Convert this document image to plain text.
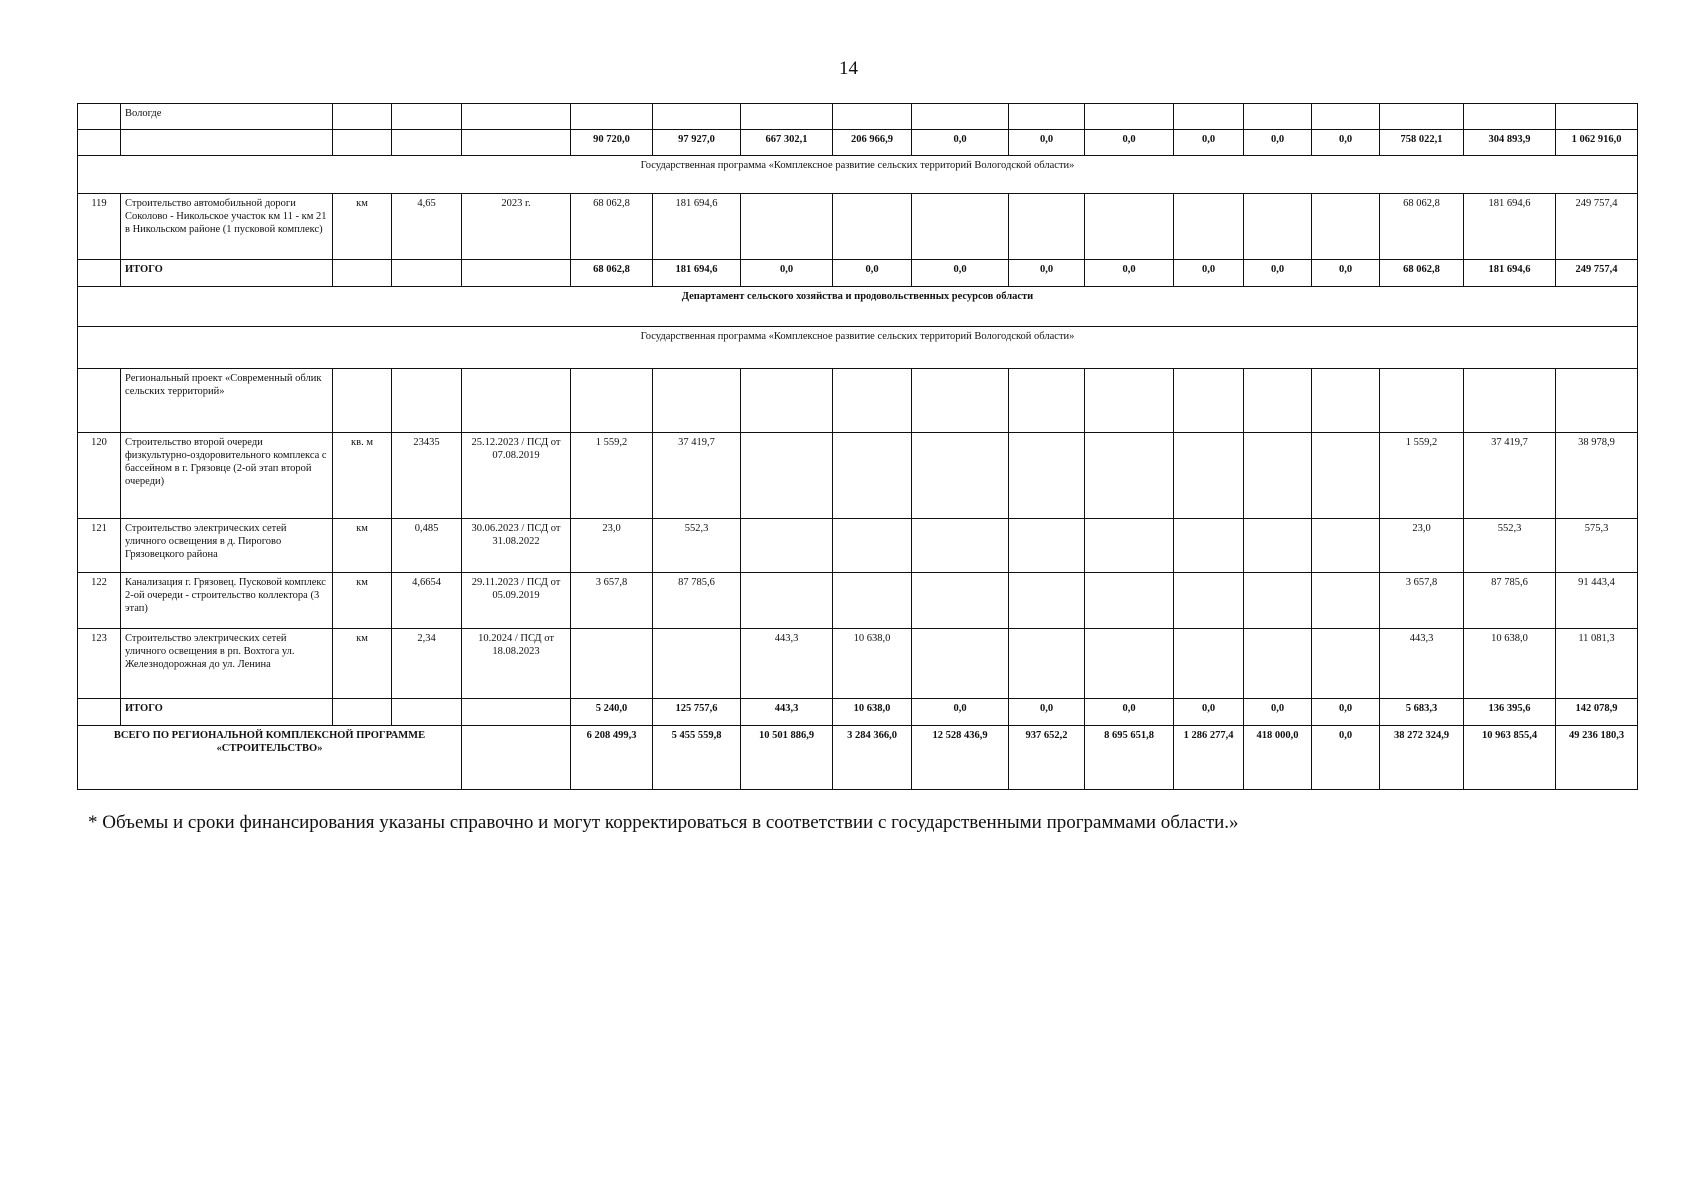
14
	Вологде																
					90 720,0	97 927,0	667 302,1	206 966,9	0,0	0,0	0,0	0,0	0,0	0,0	758 022,1	304 893,9	1 062 916,0
Государственная программа «Комплексное развитие сельских территорий Вологодской области»																	
119	Строительство автомобильной дороги Соколово - Никольское участок км 11 - км 21 в Никольском районе (1 пусковой комплекс)	км	4,65	2023 г.	68 062,8	181 694,6									68 062,8	181 694,6	249 757,4
	ИТОГО				68 062,8	181 694,6	0,0	0,0	0,0	0,0	0,0	0,0	0,0	0,0	68 062,8	181 694,6	249 757,4
Департамент сельского хозяйства и продовольственных ресурсов области																	
Государственная программа «Комплексное развитие сельских территорий Вологодской области»																	
	Региональный проект «Современный облик сельских территорий»																
120	Строительство второй очереди физкультурно-оздоровительного комплекса с бассейном в г. Грязовце (2-ой этап второй очереди)	кв. м	23435	25.12.2023 / ПСД от 07.08.2019	1 559,2	37 419,7									1 559,2	37 419,7	38 978,9
121	Строительство электрических сетей уличного освещения в д. Пирогово Грязовецкого района	км	0,485	30.06.2023 / ПСД от 31.08.2022	23,0	552,3									23,0	552,3	575,3
122	Канализация г. Грязовец. Пусковой комплекс 2-ой очереди - строительство коллектора (3 этап)	км	4,6654	29.11.2023 / ПСД от 05.09.2019	3 657,8	87 785,6									3 657,8	87 785,6	91 443,4
123	Строительство электрических сетей уличного освещения в рп. Вохтога ул. Железнодорожная до ул. Ленина	км	2,34	10.2024 / ПСД от 18.08.2023			443,3	10 638,0							443,3	10 638,0	11 081,3
	ИТОГО				5 240,0	125 757,6	443,3	10 638,0	0,0	0,0	0,0	0,0	0,0	0,0	5 683,3	136 395,6	142 078,9
ВСЕГО ПО РЕГИОНАЛЬНОЙ КОМПЛЕКСНОЙ ПРОГРАММЕ «СТРОИТЕЛЬСТВО»					6 208 499,3	5 455 559,8	10 501 886,9	3 284 366,0	12 528 436,9	937 652,2	8 695 651,8	1 286 277,4	418 000,0	0,0	38 272 324,9	10 963 855,4	49 236 180,3
* Объемы и сроки финансирования указаны справочно и могут корректироваться в соответствии с государственными программами области.»
